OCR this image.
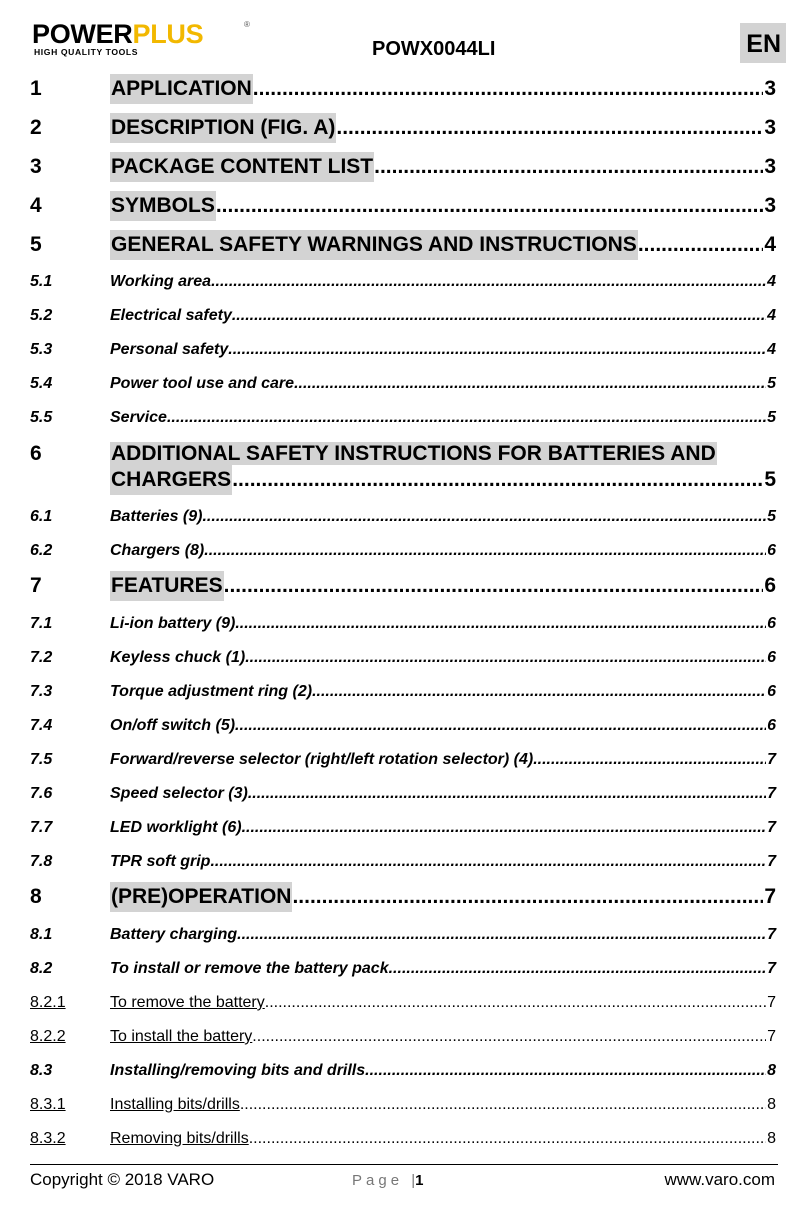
POWERPLUS	®
HIGH QUALITY TOOLS	POWX0044LI	EN
1	APPLICATION .....	3
2	DESCRIPTION (FIG. A) .....	3
3	PACKAGE CONTENT LIST .....	3
4	SYMBOLS .....	3
5	GENERAL SAFETY WARNINGS AND INSTRUCTIONS .....	4
5.1	Working area .....	4
5.2	Electrical safety .....	4
5.3	Personal safety .....	4
5.4	Power tool use and care .....	5
5.5	Service .....	5
6	ADDITIONAL SAFETY INSTRUCTIONS FOR BATTERIES AND
CHARGERS .....	5
6.1	Batteries (9) .....	5
6.2	Chargers (8) .....	6
7	FEATURES .....	6
7.1	Li-ion battery (9) .....	6
7.2	Keyless chuck (1) .....	6
7.3	Torque adjustment ring (2) .....	6
7.4	On/off switch (5) .....	6
7.5	Forward/reverse selector (right/left rotation selector) (4) .....	7
7.6	Speed selector (3) .....	7
7.7	LED worklight (6) .....	7
7.8	TPR soft grip .....	7
8	(PRE)OPERATION .....	7
8.1	Battery charging .....	7
8.2	To install or remove the battery pack .....	7
8.2.1	To remove the battery .....	7
8.2.2	To install the battery .....	7
8.3	Installing/removing bits and drills .....	8
8.3.1	Installing bits/drills .....	8
8.3.2	Removing bits/drills .....	8
Copyright © 2018 VARO	Page |1	www.varo.com
